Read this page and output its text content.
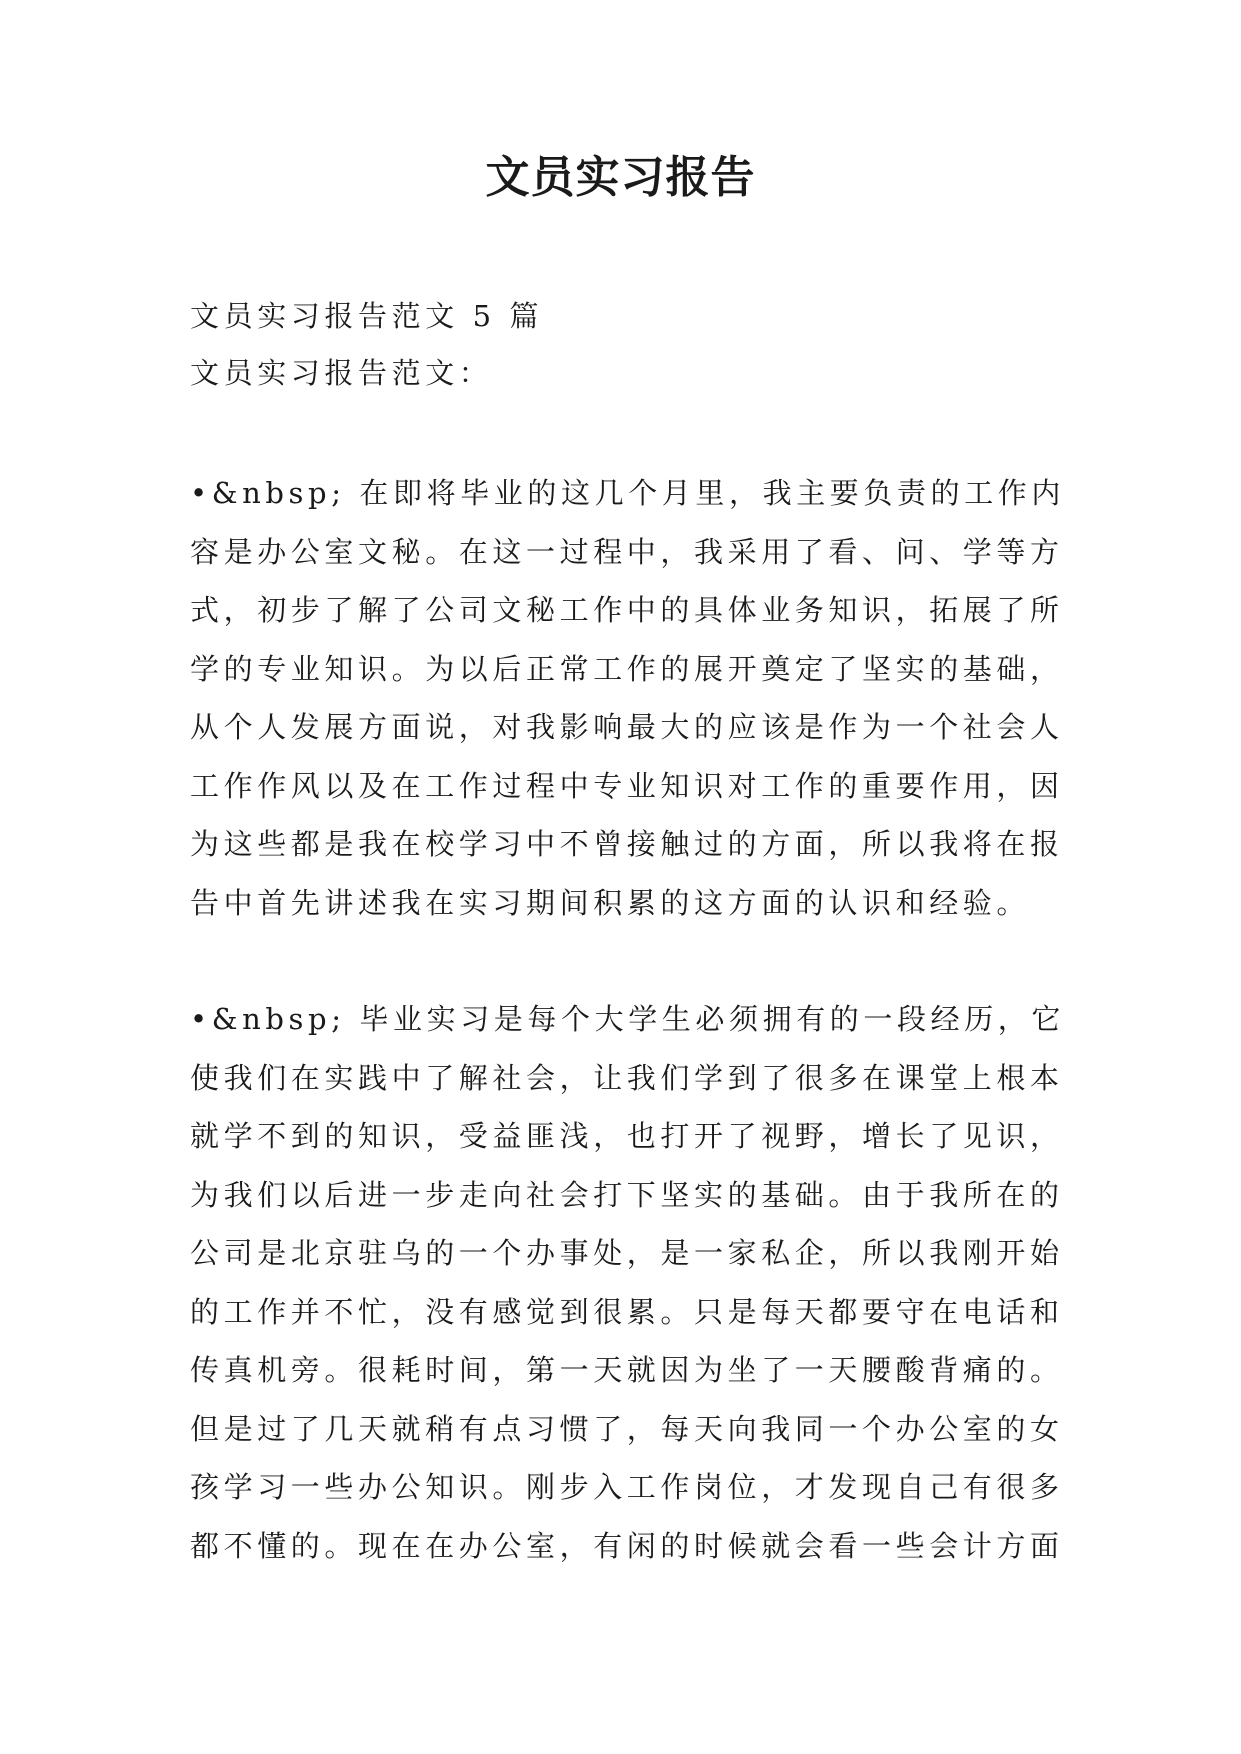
文员实习报告
文员实习报告范文 5 篇
文员实习报告范文：
•&nbsp; 在即将毕业的这几个月里，我主要负责的工作内
容是办公室文秘。在这一过程中，我采用了看、问、学等方
式，初步了解了公司文秘工作中的具体业务知识，拓展了所
学的专业知识。为以后正常工作的展开奠定了坚实的基础，
从个人发展方面说，对我影响最大的应该是作为一个社会人
工作作风以及在工作过程中专业知识对工作的重要作用，因
为这些都是我在校学习中不曾接触过的方面，所以我将在报
告中首先讲述我在实习期间积累的这方面的认识和经验。
•&nbsp; 毕业实习是每个大学生必须拥有的一段经历，它
使我们在实践中了解社会，让我们学到了很多在课堂上根本
就学不到的知识，受益匪浅，也打开了视野，增长了见识，
为我们以后进一步走向社会打下坚实的基础。由于我所在的
公司是北京驻乌的一个办事处，是一家私企，所以我刚开始
的工作并不忙，没有感觉到很累。只是每天都要守在电话和
传真机旁。很耗时间，第一天就因为坐了一天腰酸背痛的。
但是过了几天就稍有点习惯了，每天向我同一个办公室的女
孩学习一些办公知识。刚步入工作岗位，才发现自己有很多
都不懂的。现在在办公室，有闲的时候就会看一些会计方面
